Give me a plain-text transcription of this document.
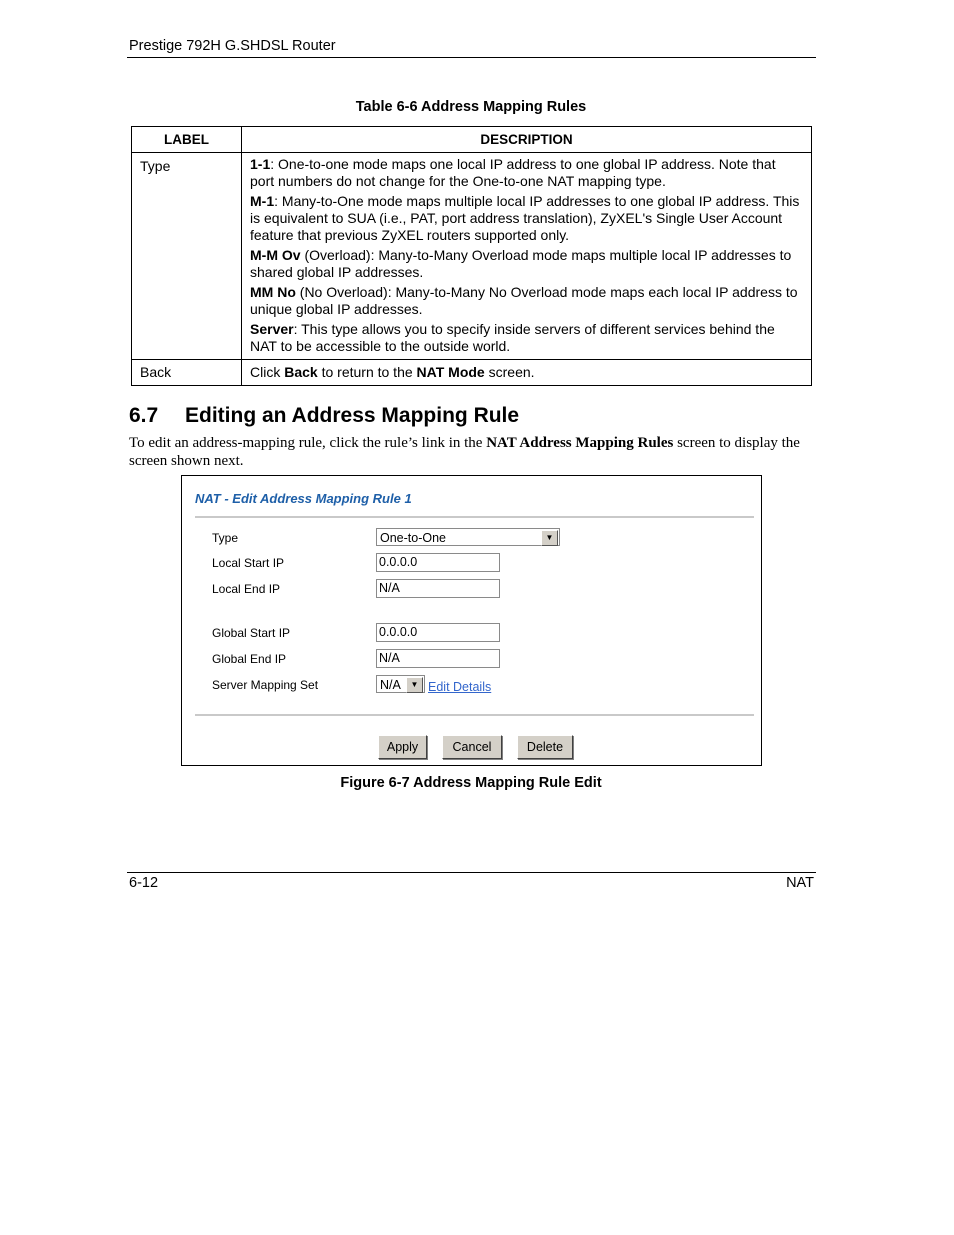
Prestige 792H G.SHDSL Router
Table 6-6 Address Mapping Rules
LABEL	DESCRIPTION
Type	1-1: One-to-one mode maps one local IP address to one global IP address. Note that port numbers do not change for the One-to-one NAT mapping type.

M-1: Many-to-One mode maps multiple local IP addresses to one global IP address. This is equivalent to SUA (i.e., PAT, port address translation), ZyXEL's Single User Account feature that previous ZyXEL routers supported only.

M-M Ov (Overload): Many-to-Many Overload mode maps multiple local IP addresses to shared global IP addresses.

MM No (No Overload): Many-to-Many No Overload mode maps each local IP address to unique global IP addresses.

Server: This type allows you to specify inside servers of different services behind the NAT to be accessible to the outside world.

Back	Click Back to return to the NAT Mode screen.
6.7 Editing an Address Mapping Rule
To edit an address-mapping rule, click the rule’s link in the NAT Address Mapping Rules screen to display the screen shown next.
NAT - Edit Address Mapping Rule 1
Type	One-to-One	▼
Local Start IP	0.0.0.0
Local End IP	N/A
Global Start IP	0.0.0.0
Global End IP	N/A
Server Mapping Set	N/A	▼ Edit Details
Apply	Cancel	Delete
Figure 6-7 Address Mapping Rule Edit
6-12	NAT
